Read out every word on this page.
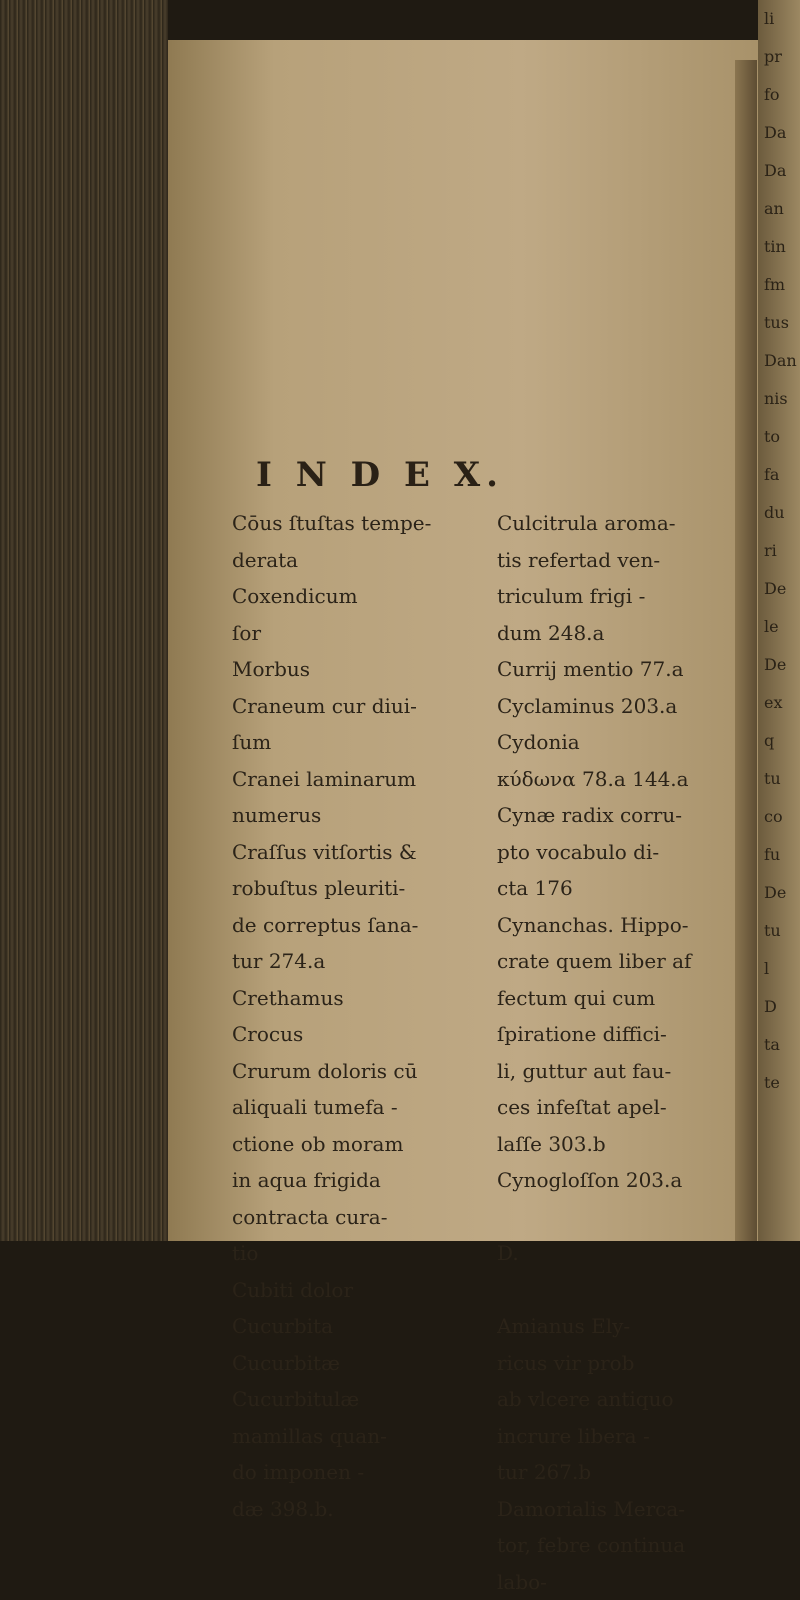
I N D E X.
Cōus ſtuſtas tempe-
derata
Coxendicum
ſor
Morbus
Craneum cur diui-
ſum
Cranei laminarum
numerus
Craſſus vitſortis &
robuſtus pleuriti-
de correptus ſana-
tur 274.a
Crethamus
Crocus
Crurum doloris cū
aliquali tumefa -
ctione ob moram
in aqua frigida
contracta cura-
tio
Cubiti dolor
Cucurbita
Cucurbitæ
Cucurbitulæ
mamillas quan-
do imponen -
dæ 398.b.
Culcitrula aroma-
tis refertad ven-
triculum frigi -
dum 248.a
Currij mentio 77.a
Cyclaminus 203.a
Cydonia
κύδωνα 78.a 144.a
Cynæ radix corru-
pto vocabulo di-
cta 176
Cynanchas. Hippo-
crate quem liber af
fectum qui cum
ſpiratione diffici-
li, guttur aut fau-
ces infeſtat apel-
laſſe 303.b
Cynogloſſon 203.a
D.
Amianus Ely-
ricus vir prob
ab vlcere antiquo
incrure libera -
tur 267.b
Damorialis Merca-
tor, febre continua
labo-
li
pr
fo
Da
Da
an
tin
fm
tus
Dan
nis
to
fa
du
ri
De
le
De
ex
q
tu
co
fu
De
tu
l
D
ta
te
